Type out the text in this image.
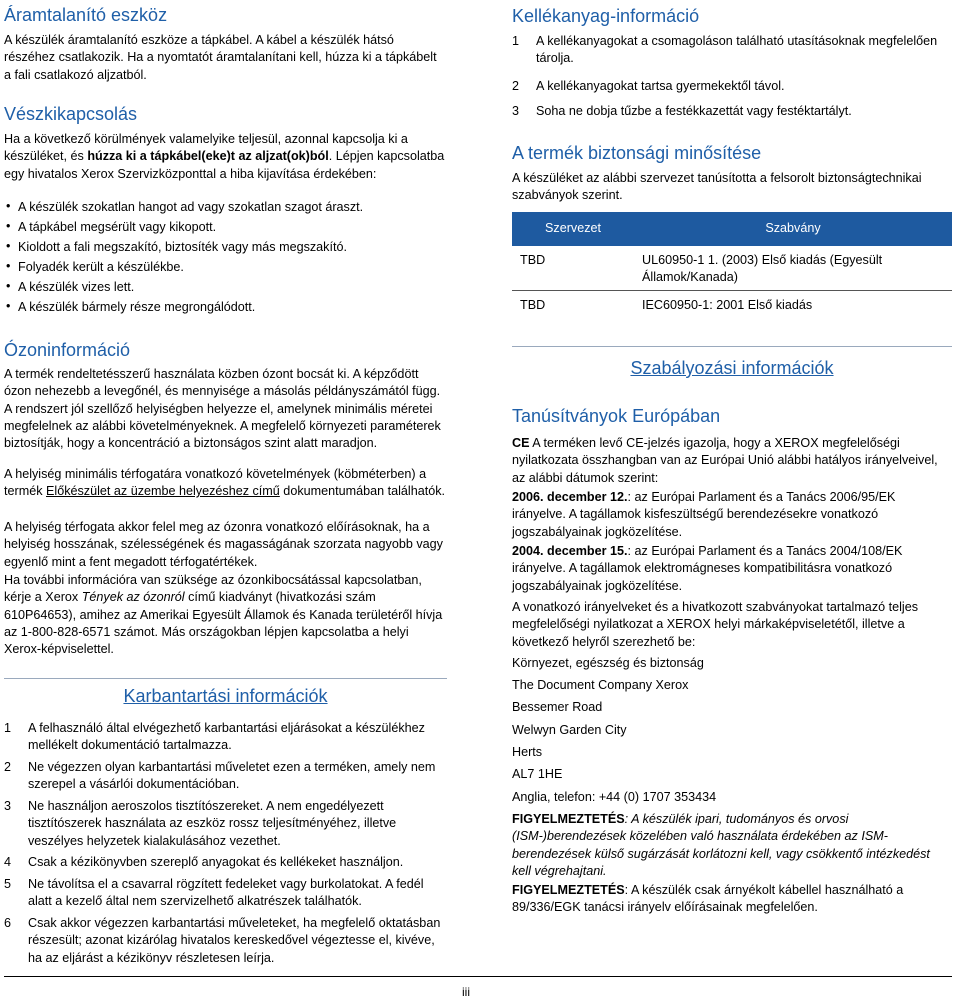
Áramtalanító eszköz

A készülék áramtalanító eszköze a tápkábel. A kábel a készülék hátsó részéhez csatlakozik. Ha a nyomtatót áramtalanítani kell, húzza ki a tápkábelt a fali csatlakozó aljzatból.

Vészkikapcsolás

Ha a következő körülmények valamelyike teljesül, azonnal kapcsolja ki a készüléket, és húzza ki a tápkábel(eke)t az aljzat(ok)ból. Lépjen kapcsolatba egy hivatalos Xerox Szervizközponttal a hiba kijavítása érdekében:

• A készülék szokatlan hangot ad vagy szokatlan szagot áraszt.
• A tápkábel megsérült vagy kikopott.
• Kioldott a fali megszakító, biztosíték vagy más megszakító.
• Folyadék került a készülékbe.
• A készülék vizes lett.
• A készülék bármely része megrongálódott.
Ózoninformáció

A termék rendeltetésszerű használata közben ózont bocsát ki. A képződött ózon nehezebb a levegőnél, és mennyisége a másolás példányszámától függ. A rendszert jól szellőző helyiségben helyezze el, amelynek minimális méretei megfelelnek az alábbi követelményeknek. A megfelelő környezeti paraméterek biztosítják, hogy a koncentráció a biztonságos szint alatt maradjon.

A helyiség minimális térfogatára vonatkozó követelmények (köbméterben) a termék Előkészület az üzembe helyezéshez című dokumentumában találhatók.

A helyiség térfogata akkor felel meg az ózonra vonatkozó előírásoknak, ha a helyiség hosszának, szélességének és magasságának szorzata nagyobb vagy egyenlő mint a fent megadott térfogatértékek.

Ha további információra van szüksége az ózonkibocsátással kapcsolatban, kérje a Xerox Tények az ózonról című kiadványt (hivatkozási szám 610P64653), amihez az Amerikai Egyesült Államok és Kanada területéről hívja az 1-800-828-6571 számot. Más országokban lépjen kapcsolatba a helyi Xerox-képviselettel.

Karbantartási információk
1 A felhasználó által elvégezhető karbantartási eljárásokat a készülékhez mellékelt dokumentáció tartalmazza.
2 Ne végezzen olyan karbantartási műveletet ezen a terméken, amely nem szerepel a vásárlói dokumentációban.
3 Ne használjon aeroszolos tisztítószereket. A nem engedélyezett tisztítószerek használata az eszköz rossz teljesítményéhez, illetve veszélyes helyzetek kialakulásához vezethet.
4 Csak a kézikönyvben szereplő anyagokat és kellékeket használjon.
5 Ne távolítsa el a csavarral rögzített fedeleket vagy burkolatokat. A fedél alatt a kezelő által nem szervizelhető alkatrészek találhatók.
6 Csak akkor végezzen karbantartási műveleteket, ha megfelelő oktatásban részesült; azonat kizárólag hivatalos kereskedővel végeztesse el, kivéve, ha az eljárást a kézikönyv részletesen leírja.
Kellékanyag-információ
1 A kellékanyagokat a csomagoláson található utasításoknak megfelelően tárolja.
2 A kellékanyagokat tartsa gyermekektől távol.
3 Soha ne dobja tűzbe a festékkazettát vagy festéktartályt.
A termék biztonsági minősítése

A készüléket az alábbi szervezet tanúsította a felsorolt biztonságtechnikai szabványok szerint.

Szervezet	Szabvány
TBD	UL60950-1 1. (2003) Első kiadás (Egyesült Államok/Kanada)
TBD	IEC60950-1: 2001 Első kiadás
Szabályozási információk
Tanúsítványok Európában

CE A terméken levő CE-jelzés igazolja, hogy a XEROX megfelelőségi nyilatkozata összhangban van az Európai Unió alábbi hatályos irányelveivel, az alábbi dátumok szerint:

2006. december 12.: az Európai Parlament és a Tanács 2006/95/EK irányelve. A tagállamok kisfeszültségű berendezésekre vonatkozó jogszabályainak jogközelítése.

2004. december 15.: az Európai Parlament és a Tanács 2004/108/EK irányelve. A tagállamok elektromágneses kompatibilitásra vonatkozó jogszabályainak jogközelítése.

A vonatkozó irányelveket és a hivatkozott szabványokat tartalmazó teljes megfelelőségi nyilatkozat a XEROX helyi márkaképviseletétől, illetve a következő helyről szerezhető be:

Környezet, egészség és biztonság

The Document Company Xerox

Bessemer Road

Welwyn Garden City

Herts

AL7 1HE

Anglia, telefon: +44 (0) 1707 353434

FIGYELMEZTETÉS: A készülék ipari, tudományos és orvosi (ISM-)berendezések közelében való használata érdekében az ISM-berendezések külső sugárzását korlátozni kell, vagy csökkentő intézkedést kell végrehajtani.

FIGYELMEZTETÉS: A készülék csak árnyékolt kábellel használható a 89/336/EGK tanácsi irányelv előírásainak megfelelően.

iii
